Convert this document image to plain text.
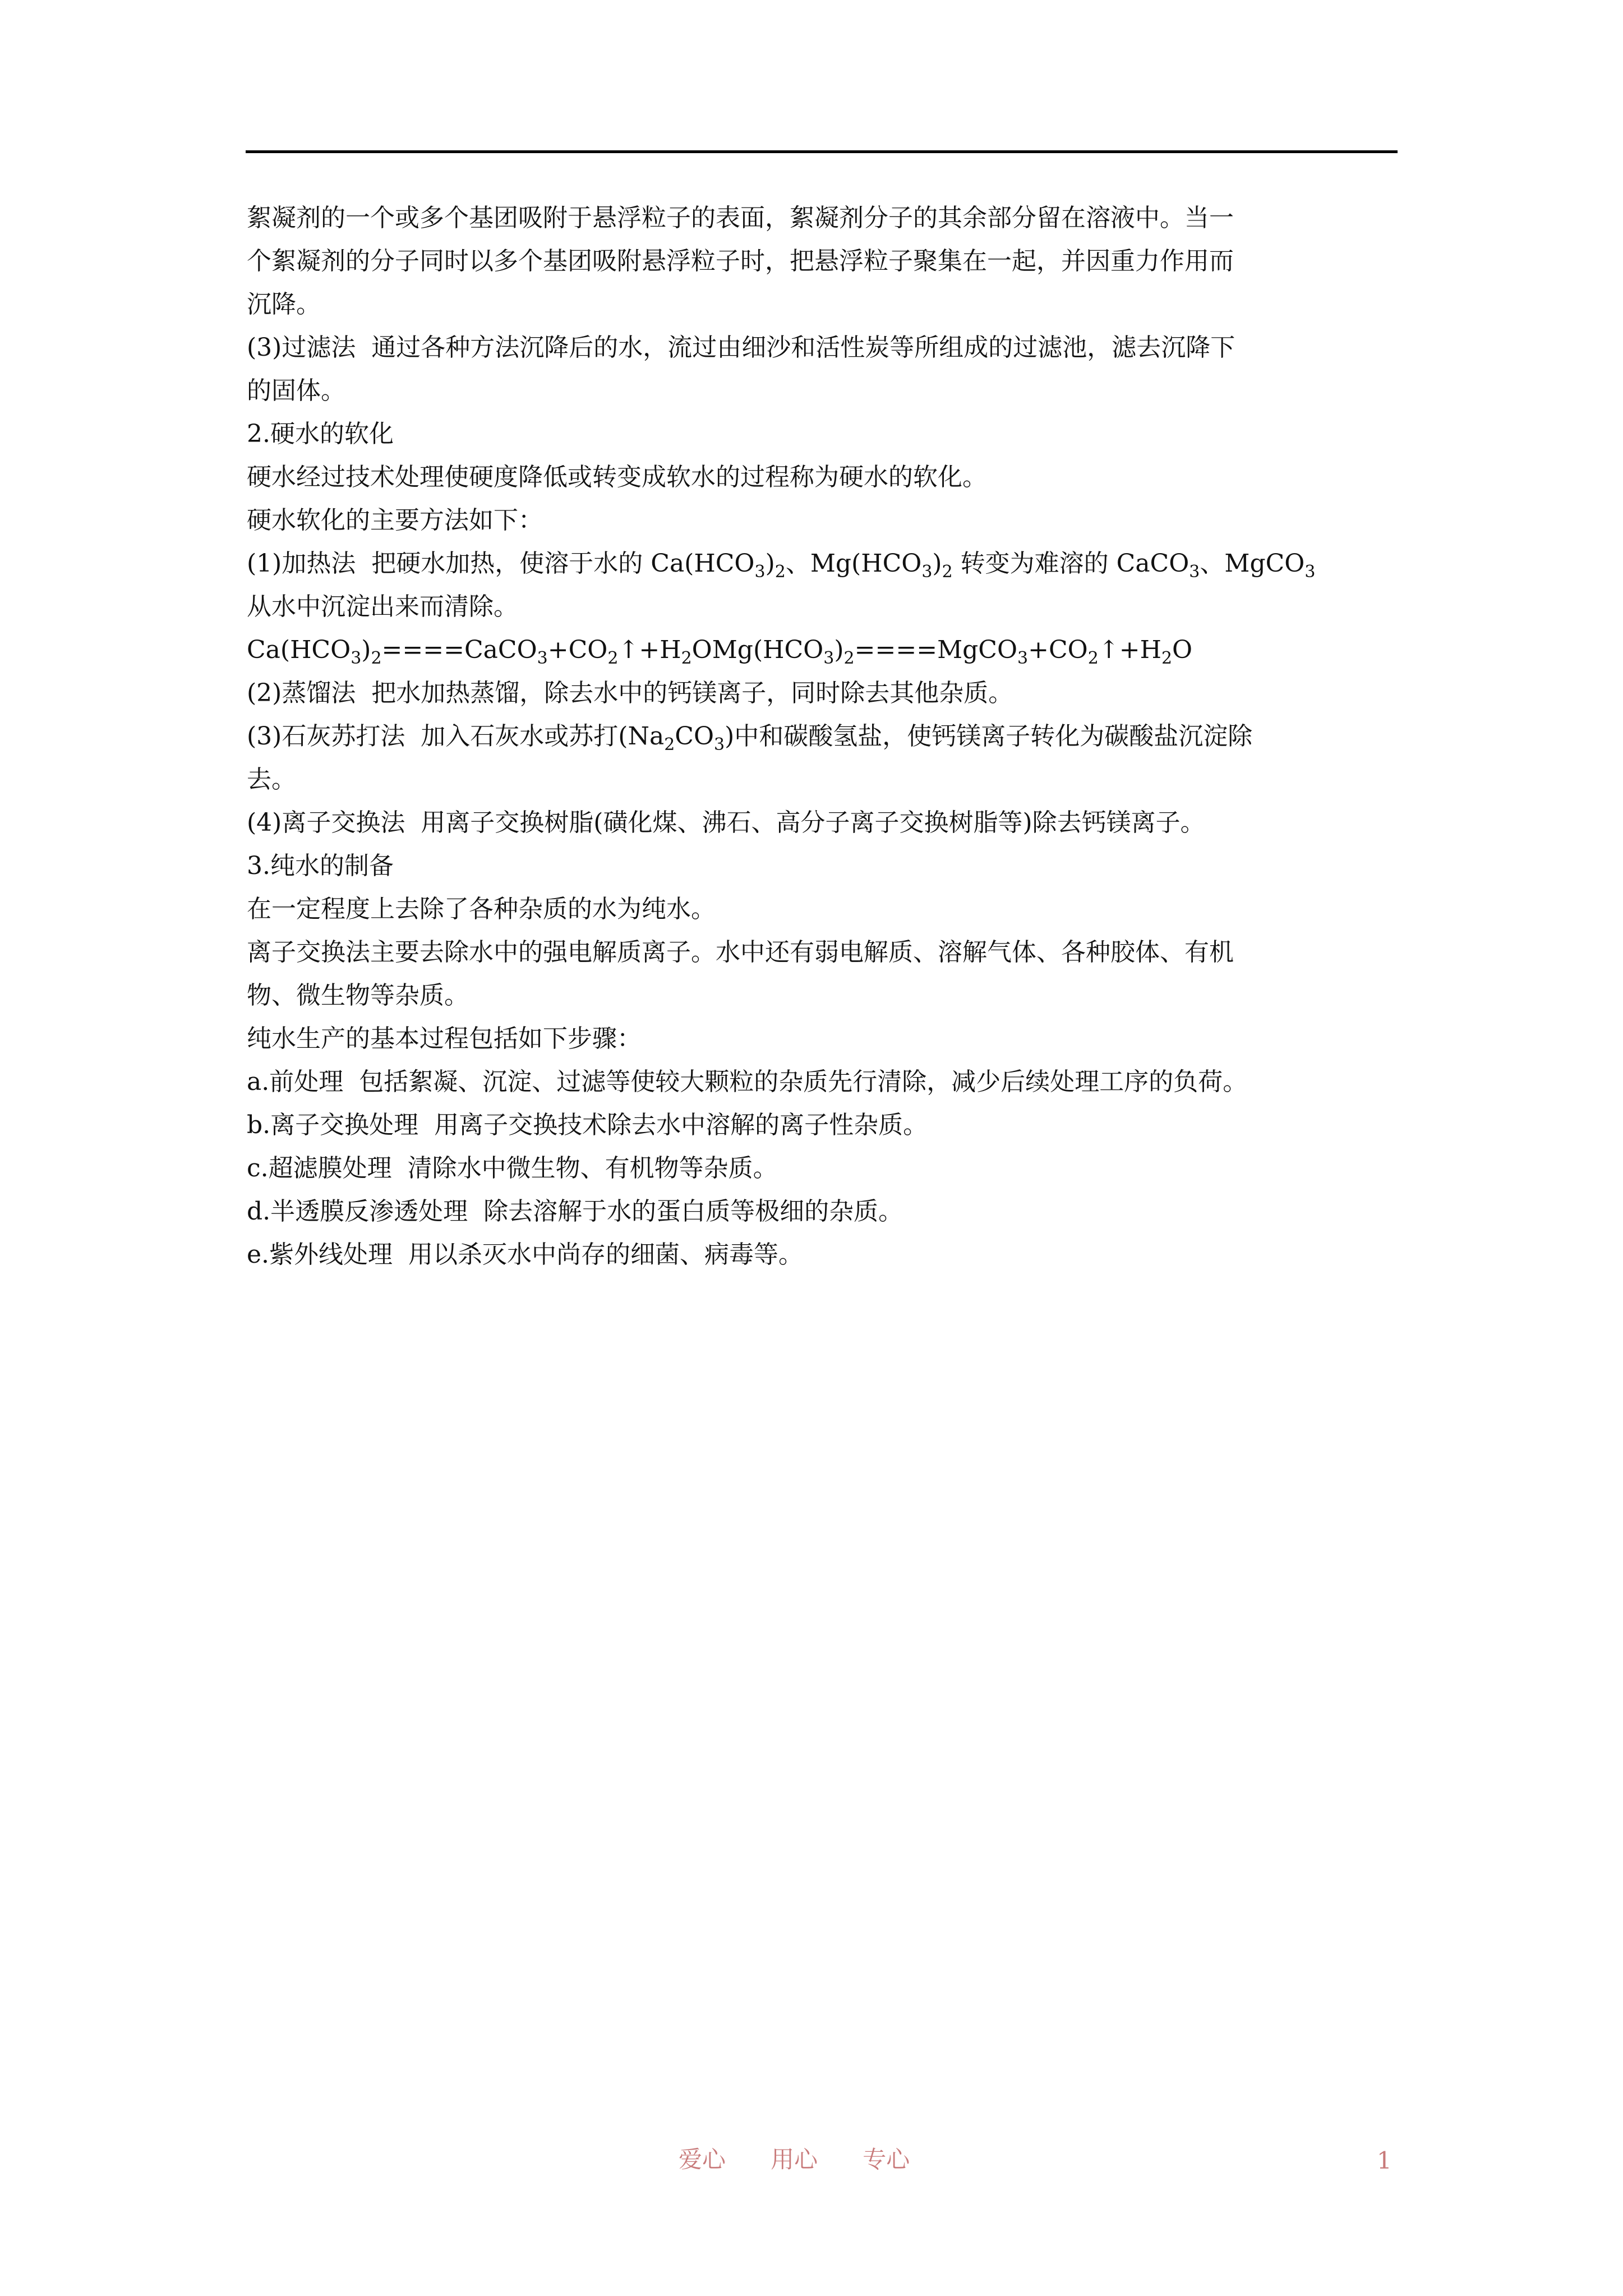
絮凝剂的一个或多个基团吸附于悬浮粒子的表面，絮凝剂分子的其余部分留在溶液中。当一

个絮凝剂的分子同时以多个基团吸附悬浮粒子时，把悬浮粒子聚集在一起，并因重力作用而

沉降。

(3)过滤法  通过各种方法沉降后的水，流过由细沙和活性炭等所组成的过滤池，滤去沉降下

的固体。

2.硬水的软化

硬水经过技术处理使硬度降低或转变成软水的过程称为硬水的软化。

硬水软化的主要方法如下：

(1)加热法  把硬水加热，使溶于水的 $Ca(HCO_3)_2$、$Mg(HCO_3)_2$ 转变为难溶的 CaCO$_3$、MgCO$_3$

从水中沉淀出来而清除。

$Ca(HCO_3)_2====CaCO_3+CO_2↑+H_2OMg(HCO_3)_2====MgCO_3+CO_2↑+H_2O$

(2)蒸馏法  把水加热蒸馏，除去水中的钙镁离子，同时除去其他杂质。

(3)石灰苏打法  加入石灰水或苏打$(Na_2CO_3)$中和碳酸氢盐，使钙镁离子转化为碳酸盐沉淀除

去。

(4)离子交换法  用离子交换树脂(磺化煤、沸石、高分子离子交换树脂等)除去钙镁离子。

3.纯水的制备

在一定程度上去除了各种杂质的水为纯水。

离子交换法主要去除水中的强电解质离子。水中还有弱电解质、溶解气体、各种胶体、有机

物、微生物等杂质。

纯水生产的基本过程包括如下步骤：

a.前处理  包括絮凝、沉淀、过滤等使较大颗粒的杂质先行清除，减少后续处理工序的负荷。

b.离子交换处理  用离子交换技术除去水中溶解的离子性杂质。

c.超滤膜处理  清除水中微生物、有机物等杂质。

d.半透膜反渗透处理  除去溶解于水的蛋白质等极细的杂质。

e.紫外线处理  用以杀灭水中尚存的细菌、病毒等。

爱心      用心      专心	1
